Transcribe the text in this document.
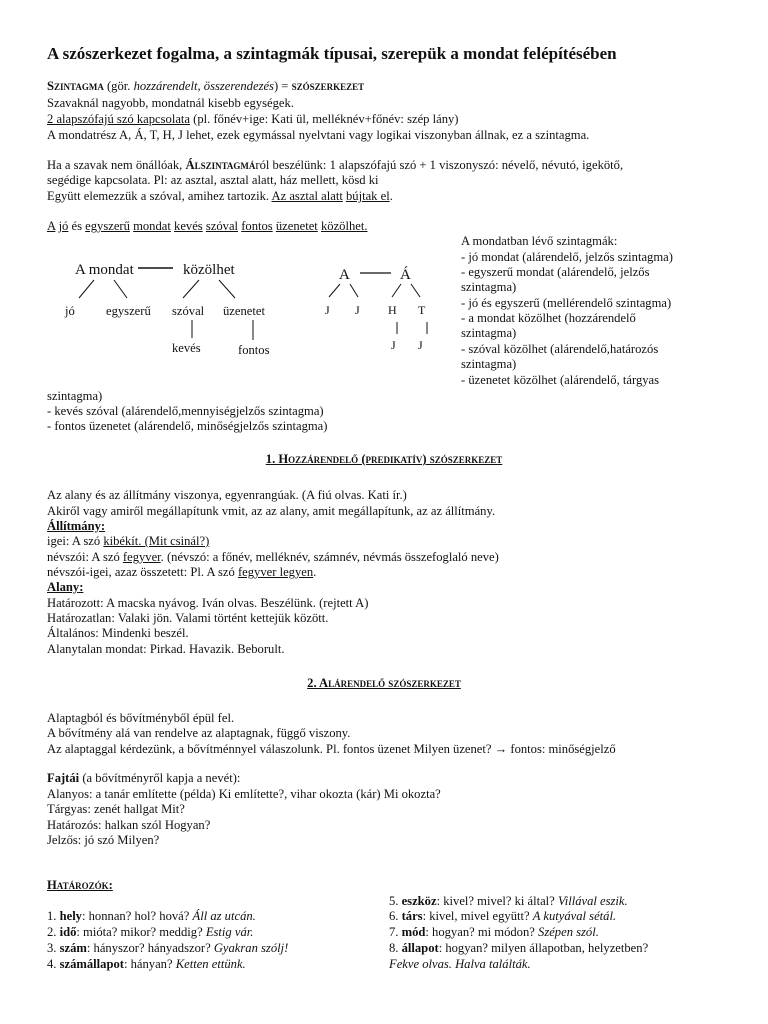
A szószerkezet fogalma, a szintagmák típusai, szerepük a mondat felépítésében
Szintagma (gör. hozzárendelt, összerendezés) = szószerkezet
Szavaknál nagyobb, mondatnál kisebb egységek.
2 alapszófajú szó kapcsolata (pl. főnév+ige: Kati ül, melléknév+főnév: szép lány)
A mondatrész A, Á, T, H, J lehet, ezek egymással nyelvtani vagy logikai viszonyban állnak, ez a szintagma.
Ha a szavak nem önállóak, Álszintagmáról beszélünk: 1 alapszófajú szó + 1 viszonyszó: névelő, névutó, igekötő,
segédige kapcsolata. Pl: az asztal, asztal alatt, ház mellett, kösd ki
Együtt elemezzük a szóval, amihez tartozik. Az asztal alatt bújtak el.
A jó és egyszerű mondat kevés szóval fontos üzenetet közölhet.
A mondat	közölhet
jó egyszerű szóval üzenetet
kevés	fontos
A	Á
J J H T
J J
A mondatban lévő szintagmák:
- jó mondat (alárendelő, jelzős szintagma)
- egyszerű mondat (alárendelő, jelzős
szintagma)
- jó és egyszerű (mellérendelő szintagma)
- a mondat közölhet (hozzárendelő
szintagma)
- szóval közölhet (alárendelő,határozós
szintagma)
- üzenetet közölhet (alárendelő, tárgyas
szintagma)
- kevés szóval (alárendelő,mennyiségjelzős szintagma)
- fontos üzenetet (alárendelő, minőségjelzős szintagma)
1. Hozzárendelő (predikatív) szószerkezet
Az alany és az állítmány viszonya, egyenrangúak. (A fiú olvas. Kati ír.)
Akiről vagy amiről megállapítunk vmit, az az alany, amit megállapítunk, az az állítmány.
Állítmány:
igei: A szó kibékít. (Mit csinál?)
névszói: A szó fegyver. (névszó: a főnév, melléknév, számnév, névmás összefoglaló neve)
névszói-igei, azaz összetett: Pl. A szó fegyver legyen.
Alany:
Határozott: A macska nyávog. Iván olvas. Beszélünk. (rejtett A)
Határozatlan: Valaki jön. Valami történt kettejük között.
Általános: Mindenki beszél.
Alanytalan mondat: Pirkad. Havazik. Beborult.
2. Alárendelő szószerkezet
Alaptagból és bővítményből épül fel.
A bővítmény alá van rendelve az alaptagnak, függő viszony.
Az alaptaggal kérdezünk, a bővítménnyel válaszolunk. Pl. fontos üzenet Milyen üzenet? → fontos: minőségjelző
Fajtái (a bővítményről kapja a nevét):
Alanyos: a tanár említette (példa) Ki említette?, vihar okozta (kár) Mi okozta?
Tárgyas: zenét hallgat Mit?
Határozós: halkan szól Hogyan?
Jelzős: jó szó Milyen?
Határozók:
1. hely: honnan? hol? hová? Áll az utcán.
2. idő: mióta? mikor? meddig? Estig vár.
3. szám: hányszor? hányadszor? Gyakran szólj!
4. számállapot: hányan? Ketten ettünk.
5. eszköz: kivel? mivel? ki által? Villával eszik.
6. társ: kivel, mivel együtt? A kutyával sétál.
7. mód: hogyan? mi módon? Szépen szól.
8. állapot: hogyan? milyen állapotban, helyzetben?
Fekve olvas. Halva találták.
